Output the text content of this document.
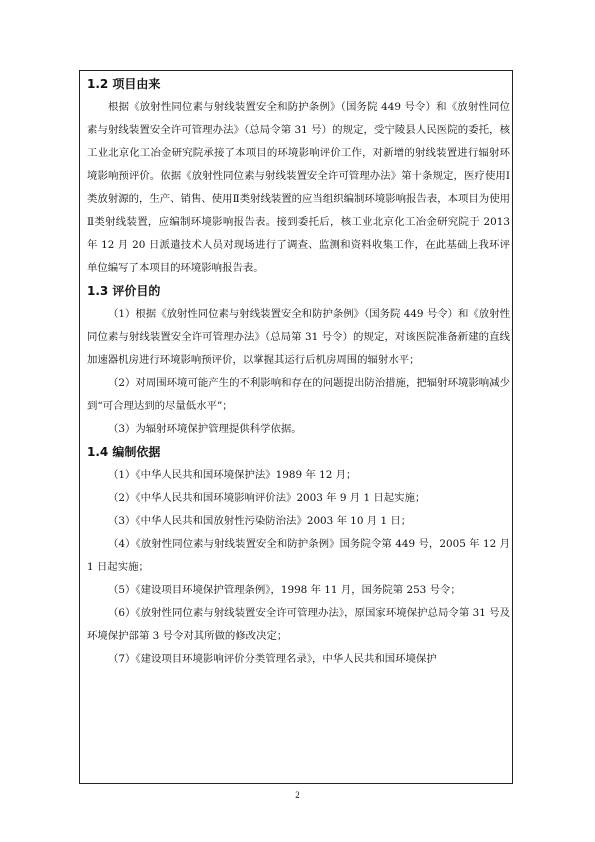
1.2 项目由来

根据《放射性同位素与射线装置安全和防护条例》（国务院 449 号令）和《放射性同位素与射线装置安全许可管理办法》（总局令第 31 号）的规定，受宁陵县人民医院的委托，核工业北京化工冶金研究院承接了本项目的环境影响评价工作，对新增的射线装置进行辐射环境影响预评价。依据《放射性同位素与射线装置安全许可管理办法》第十条规定，医疗使用Ⅰ类放射源的，生产、销售、使用Ⅱ类射线装置的应当组织编制环境影响报告表，本项目为使用Ⅱ类射线装置，应编制环境影响报告表。接到委托后，核工业北京化工冶金研究院于 2013 年 12 月 20 日派遣技术人员对现场进行了调查、监测和资料收集工作，在此基础上我环评单位编写了本项目的环境影响报告表。

1.3 评价目的

（1）根据《放射性同位素与射线装置安全和防护条例》（国务院 449 号令）和《放射性同位素与射线装置安全许可管理办法》（总局第 31 号令）的规定，对该医院准备新建的直线加速器机房进行环境影响预评价，以掌握其运行后机房周围的辐射水平；

（2）对周围环境可能产生的不利影响和存在的问题提出防治措施，把辐射环境影响减少到“可合理达到的尽量低水平”；

（3）为辐射环境保护管理提供科学依据。

1.4 编制依据

（1）《中华人民共和国环境保护法》1989 年 12 月；

（2）《中华人民共和国环境影响评价法》2003 年 9 月 1 日起实施；

（3）《中华人民共和国放射性污染防治法》2003 年 10 月 1 日；

（4）《放射性同位素与射线装置安全和防护条例》国务院令第 449 号，2005 年 12 月 1 日起实施；

（5）《建设项目环境保护管理条例》，1998 年 11 月，国务院第 253 号令；

（6）《放射性同位素与射线装置安全许可管理办法》，原国家环境保护总局令第 31 号及环境保护部第 3 号令对其所做的修改决定；

（7）《建设项目环境影响评价分类管理名录》，中华人民共和国环境保护

2
